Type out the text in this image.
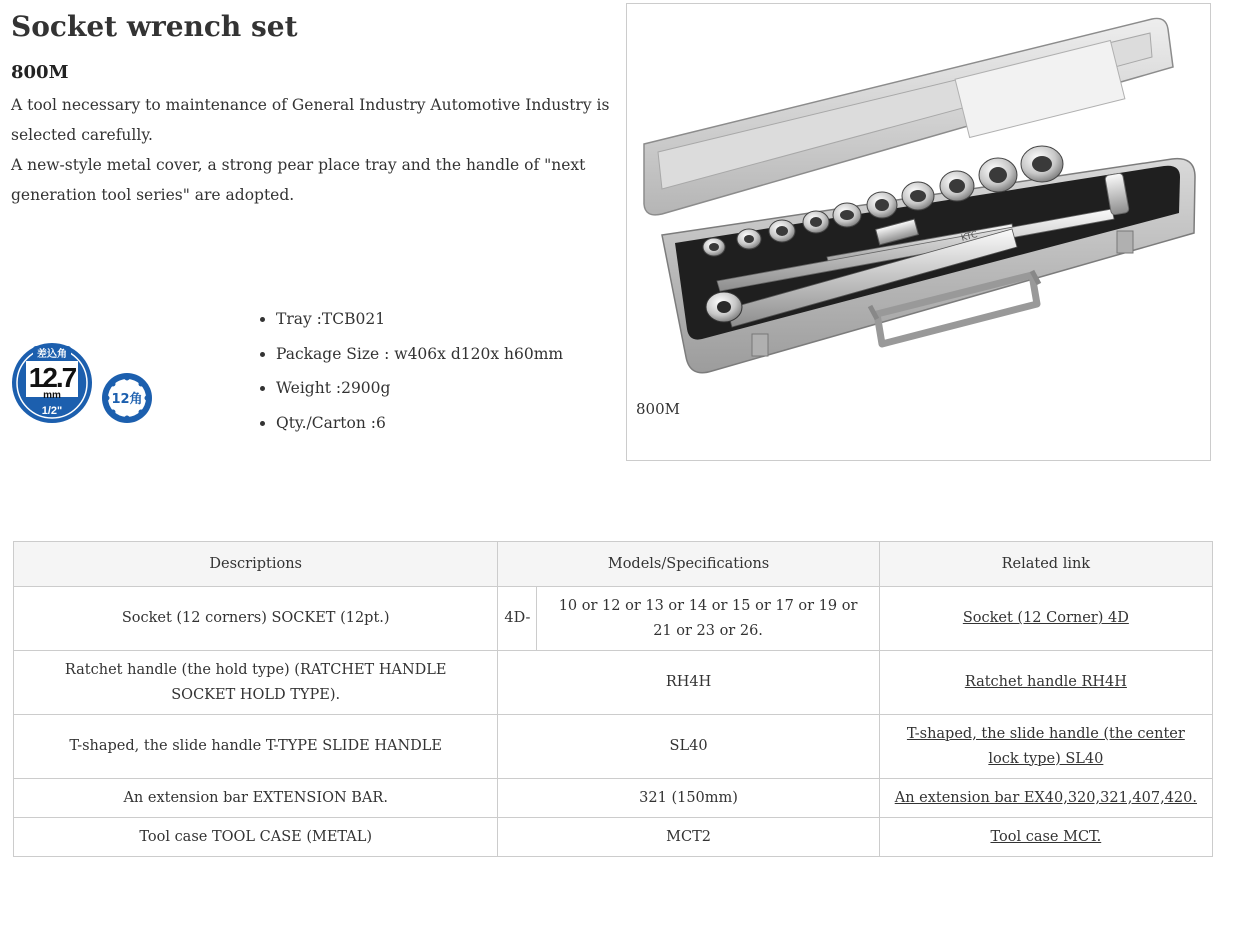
Socket wrench set
800M

A tool necessary to maintenance of General Industry Automotive Industry is selected carefully.

A new-style metal cover, a strong pear place tray and the handle of "next generation tool series" are adopted.

差込角
12.7
mm
1/2"
12角
• Tray :TCB021
• Package Size : w406x d120x h60mm
• Weight :2900g
• Qty./Carton :6
KTC
800M
Descriptions	Models/Specifications		Related link
Socket (12 corners) SOCKET (12pt.)	4D-	10 or 12 or 13 or 14 or 15 or 17 or 19 or 21 or 23 or 26.	Socket (12 Corner) 4D
Ratchet handle (the hold type) (RATCHET HANDLE SOCKET HOLD TYPE).	RH4H		Ratchet handle RH4H
T-shaped, the slide handle T-TYPE SLIDE HANDLE	SL40		T-shaped, the slide handle (the center lock type) SL40
An extension bar EXTENSION BAR.	321 (150mm)		An extension bar EX40,320,321,407,420.
Tool case TOOL CASE (METAL)	MCT2		Tool case MCT.
